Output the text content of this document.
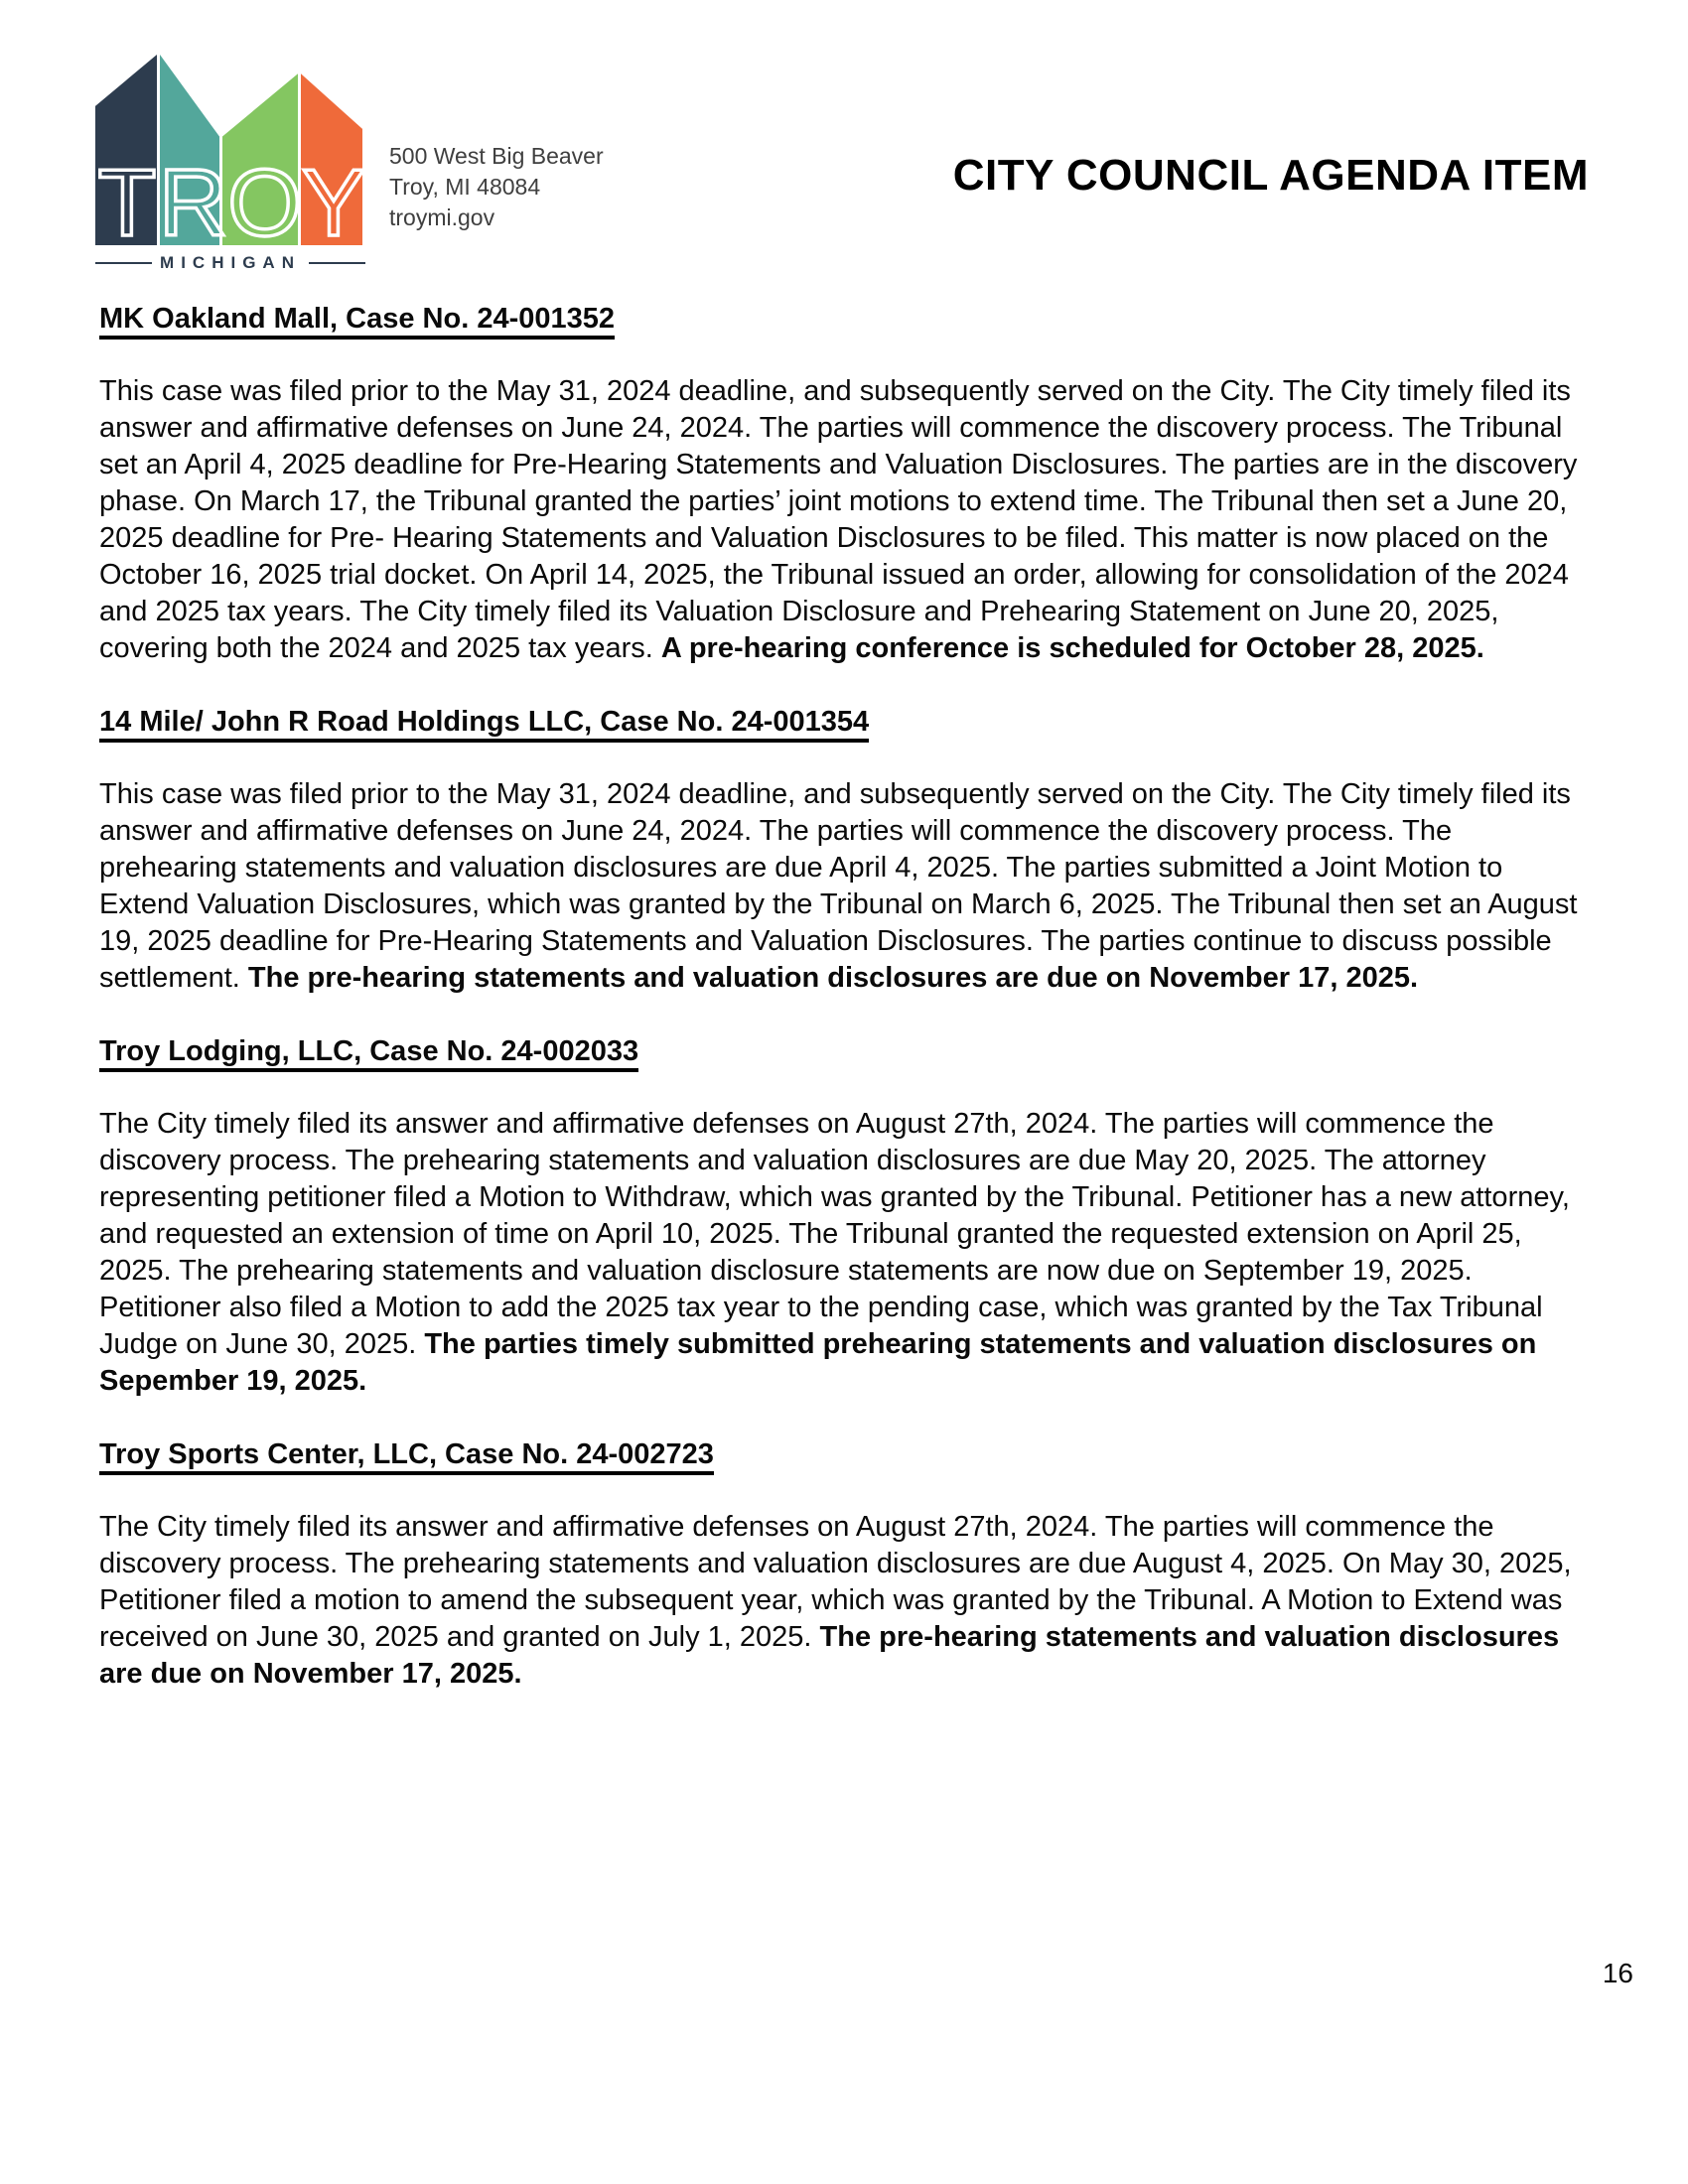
MICHIGAN
500 West Big Beaver
Troy, MI 48084
troymi.gov
CITY COUNCIL AGENDA ITEM
MK Oakland Mall, Case No. 24-001352

This case was filed prior to the May 31, 2024 deadline, and subsequently served on the City. The City timely filed its answer and affirmative defenses on June 24, 2024. The parties will commence the discovery process. The Tribunal set an April 4, 2025 deadline for Pre-Hearing Statements and Valuation Disclosures. The parties are in the discovery phase. On March 17, the Tribunal granted the parties’ joint motions to extend time. The Tribunal then set a June 20, 2025 deadline for Pre- Hearing Statements and Valuation Disclosures to be filed. This matter is now placed on the October 16, 2025 trial docket. On April 14, 2025, the Tribunal issued an order, allowing for consolidation of the 2024 and 2025 tax years. The City timely filed its Valuation Disclosure and Prehearing Statement on June 20, 2025, covering both the 2024 and 2025 tax years. A pre-hearing conference is scheduled for October 28, 2025.

14 Mile/ John R Road Holdings LLC, Case No. 24-001354

This case was filed prior to the May 31, 2024 deadline, and subsequently served on the City. The City timely filed its answer and affirmative defenses on June 24, 2024. The parties will commence the discovery process. The prehearing statements and valuation disclosures are due April 4, 2025. The parties submitted a Joint Motion to Extend Valuation Disclosures, which was granted by the Tribunal on March 6, 2025. The Tribunal then set an August 19, 2025 deadline for Pre-Hearing Statements and Valuation Disclosures. The parties continue to discuss possible settlement. The pre-hearing statements and valuation disclosures are due on November 17, 2025.

Troy Lodging, LLC, Case No. 24-002033

The City timely filed its answer and affirmative defenses on August 27th, 2024. The parties will commence the discovery process. The prehearing statements and valuation disclosures are due May 20, 2025. The attorney representing petitioner filed a Motion to Withdraw, which was granted by the Tribunal. Petitioner has a new attorney, and requested an extension of time on April 10, 2025. The Tribunal granted the requested extension on April 25, 2025. The prehearing statements and valuation disclosure statements are now due on September 19, 2025. Petitioner also filed a Motion to add the 2025 tax year to the pending case, which was granted by the Tax Tribunal Judge on June 30, 2025. The parties timely submitted prehearing statements and valuation disclosures on Sepember 19, 2025.

Troy Sports Center, LLC, Case No. 24-002723

The City timely filed its answer and affirmative defenses on August 27th, 2024. The parties will commence the discovery process. The prehearing statements and valuation disclosures are due August 4, 2025. On May 30, 2025, Petitioner filed a motion to amend the subsequent year, which was granted by the Tribunal. A Motion to Extend was received on June 30, 2025 and granted on July 1, 2025. The pre-hearing statements and valuation disclosures are due on November 17, 2025.

16
